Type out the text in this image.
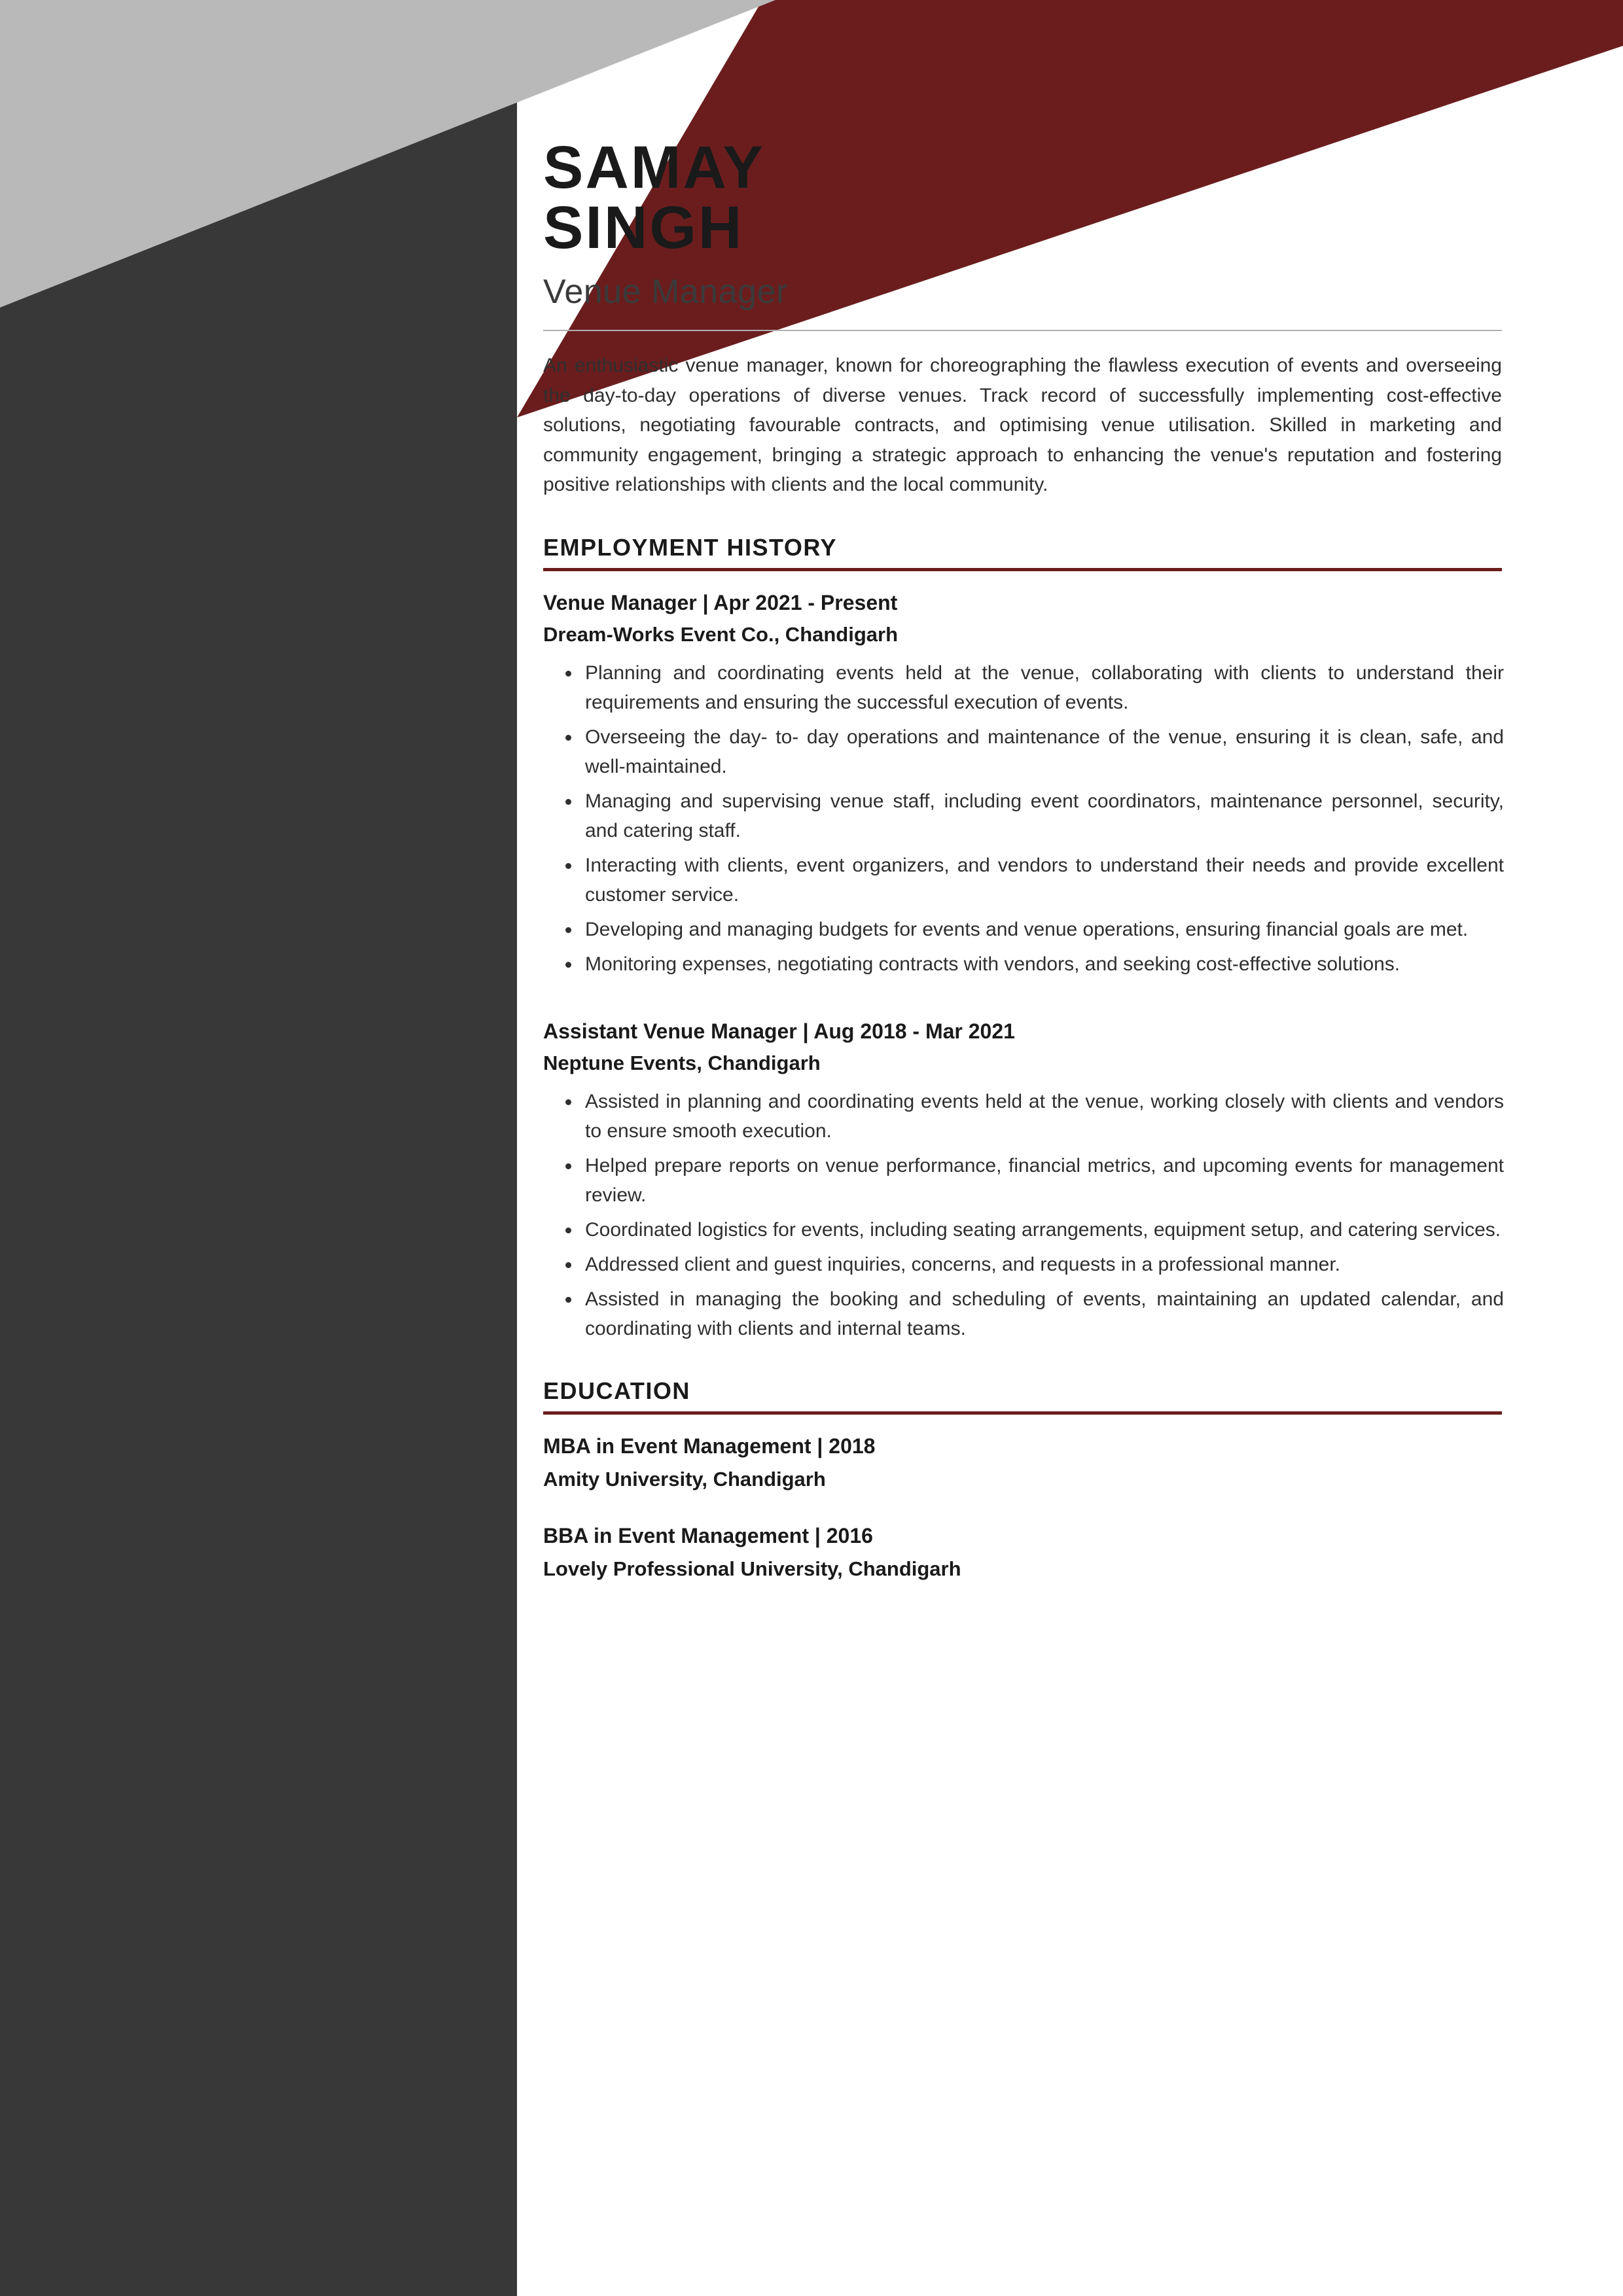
SAMAY
SINGH
Venue Manager
An enthusiastic venue manager, known for choreographing the flawless execution of events and overseeing the day-to-day operations of diverse venues. Track record of successfully implementing cost-effective solutions, negotiating favourable contracts, and optimising venue utilisation. Skilled in marketing and community engagement, bringing a strategic approach to enhancing the venue's reputation and fostering positive relationships with clients and the local community.
EMPLOYMENT HISTORY
Venue Manager | Apr 2021 - Present
Dream-Works Event Co., Chandigarh
• Planning and coordinating events held at the venue, collaborating with clients to understand their requirements and ensuring the successful execution of events.
• Overseeing the day- to- day operations and maintenance of the venue, ensuring it is clean, safe, and well-maintained.
• Managing and supervising venue staff, including event coordinators, maintenance personnel, security, and catering staff.
• Interacting with clients, event organizers, and vendors to understand their needs and provide excellent customer service.
• Developing and managing budgets for events and venue operations, ensuring financial goals are met.
• Monitoring expenses, negotiating contracts with vendors, and seeking cost-effective solutions.
Assistant Venue Manager | Aug 2018 - Mar 2021
Neptune Events, Chandigarh
• Assisted in planning and coordinating events held at the venue, working closely with clients and vendors to ensure smooth execution.
• Helped prepare reports on venue performance, financial metrics, and upcoming events for management review.
• Coordinated logistics for events, including seating arrangements, equipment setup, and catering services.
• Addressed client and guest inquiries, concerns, and requests in a professional manner.
• Assisted in managing the booking and scheduling of events, maintaining an updated calendar, and coordinating with clients and internal teams.
EDUCATION
MBA in Event Management | 2018
Amity University, Chandigarh
BBA in Event Management | 2016
Lovely Professional University, Chandigarh
